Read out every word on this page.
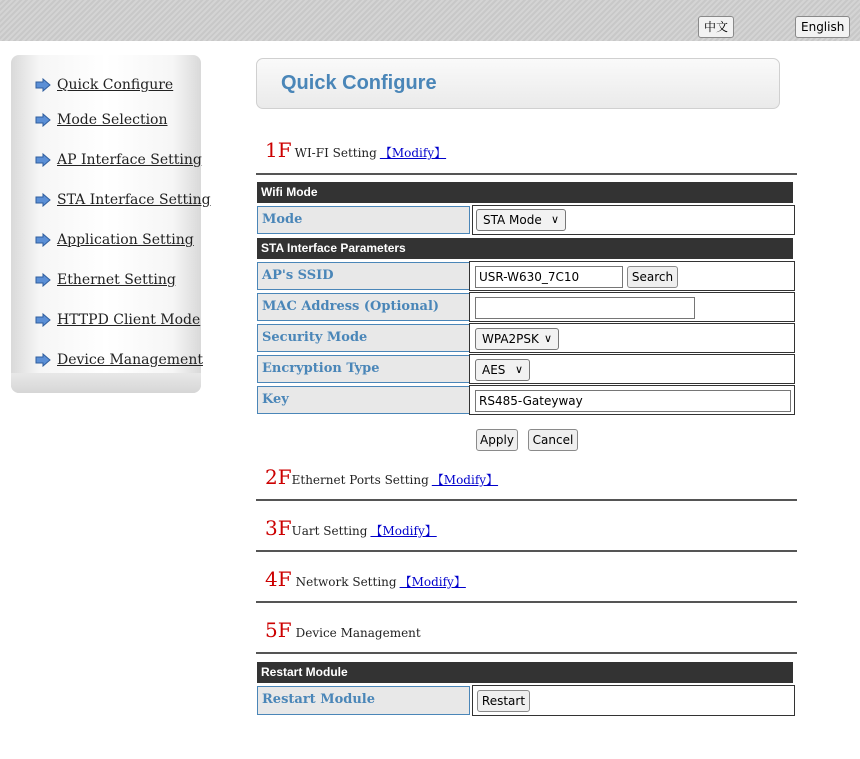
中文	English
Quick Configure
Mode Selection
AP Interface Setting
STA Interface Setting
Application Setting
Ethernet Setting
HTTPD Client Mode
Device Management
Quick Configure
1F WI-FI Setting 【Modify】
Wifi Mode
Mode	STA Mode ∨
STA Interface Parameters
AP's SSID	USR-W630_7C10	Search
MAC Address (Optional)
Security Mode	WPA2PSK ∨
Encryption Type	AES ∨
Key	RS485-Gateyway
Apply	Cancel
2F Ethernet Ports Setting 【Modify】
3F Uart Setting 【Modify】
4F Network Setting 【Modify】
5F Device Management
Restart Module
Restart Module	Restart
